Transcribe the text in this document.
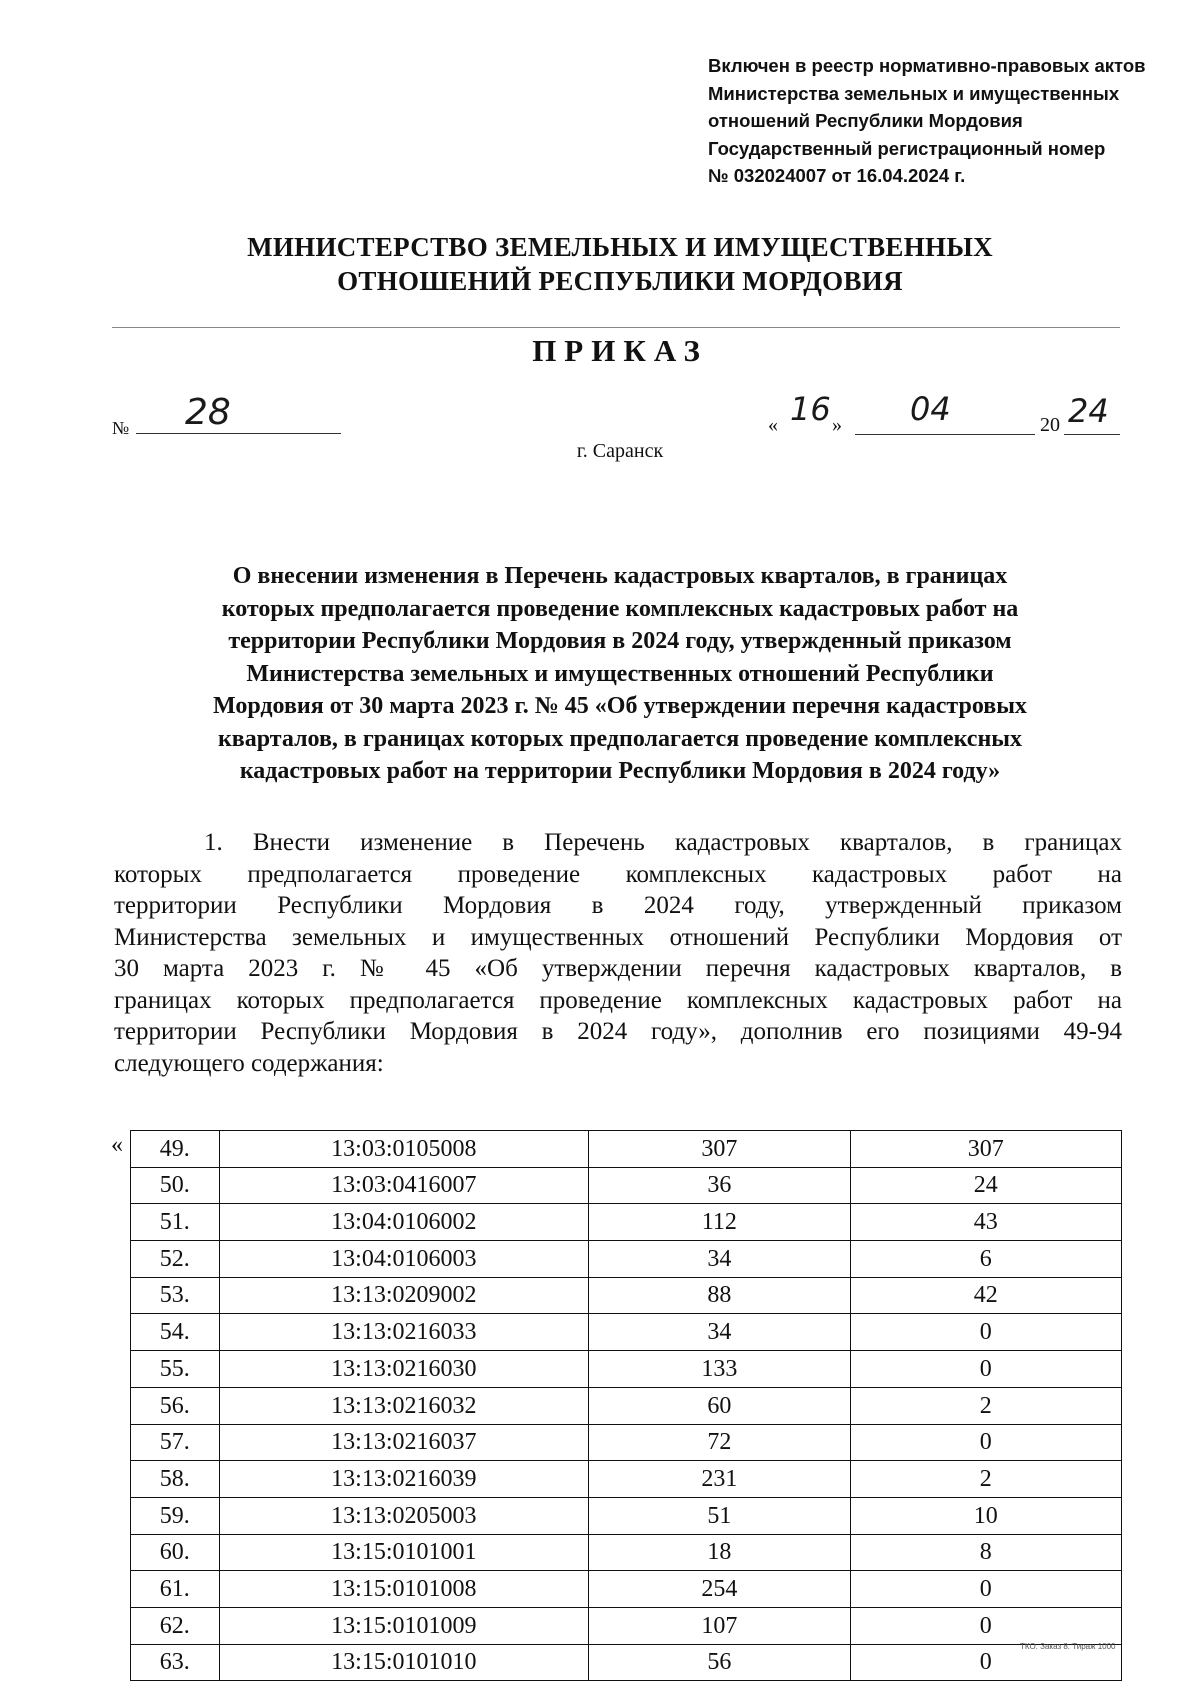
Включен в реестр нормативно-правовых актов
Министерства земельных и имущественных
отношений Республики Мордовия
Государственный регистрационный номер
№ 032024007 от 16.04.2024 г.
МИНИСТЕРСТВО ЗЕМЕЛЬНЫХ И ИМУЩЕСТВЕННЫХ
ОТНОШЕНИЙ РЕСПУБЛИКИ МОРДОВИЯ
ПРИКАЗ
№ 28	« 16 » 04	20 24
г. Саранск
О внесении изменения в Перечень кадастровых кварталов, в границах
которых предполагается проведение комплексных кадастровых работ на
территории Республики Мордовия в 2024 году, утвержденный приказом
Министерства земельных и имущественных отношений Республики
Мордовия от 30 марта 2023 г. № 45 «Об утверждении перечня кадастровых
кварталов, в границах которых предполагается проведение комплексных
кадастровых работ на территории Республики Мордовия в 2024 году»
1. Внести изменение в Перечень кадастровых кварталов, в границах
которых предполагается проведение комплексных кадастровых работ на
территории Республики Мордовия в 2024 году, утвержденный приказом
Министерства земельных и имущественных отношений Республики Мордовия от
30 марта 2023 г. № 45 «Об утверждении перечня кадастровых кварталов, в
границах которых предполагается проведение комплексных кадастровых работ на
территории Республики Мордовия в 2024 году», дополнив его позициями 49-94
следующего содержания:
« 49.	13:03:0105008	307	307
50.	13:03:0416007	36	24
51.	13:04:0106002	112	43
52.	13:04:0106003	34	6
53.	13:13:0209002	88	42
54.	13:13:0216033	34	0
55.	13:13:0216030	133	0
56.	13:13:0216032	60	2
57.	13:13:0216037	72	0
58.	13:13:0216039	231	2
59.	13:13:0205003	51	10
60.	13:15:0101001	18	8
61.	13:15:0101008	254	0
62.	13:15:0101009	107	0
63.	13:15:0101010	56	0
ТКО. Заказ 8. Тираж 1000
